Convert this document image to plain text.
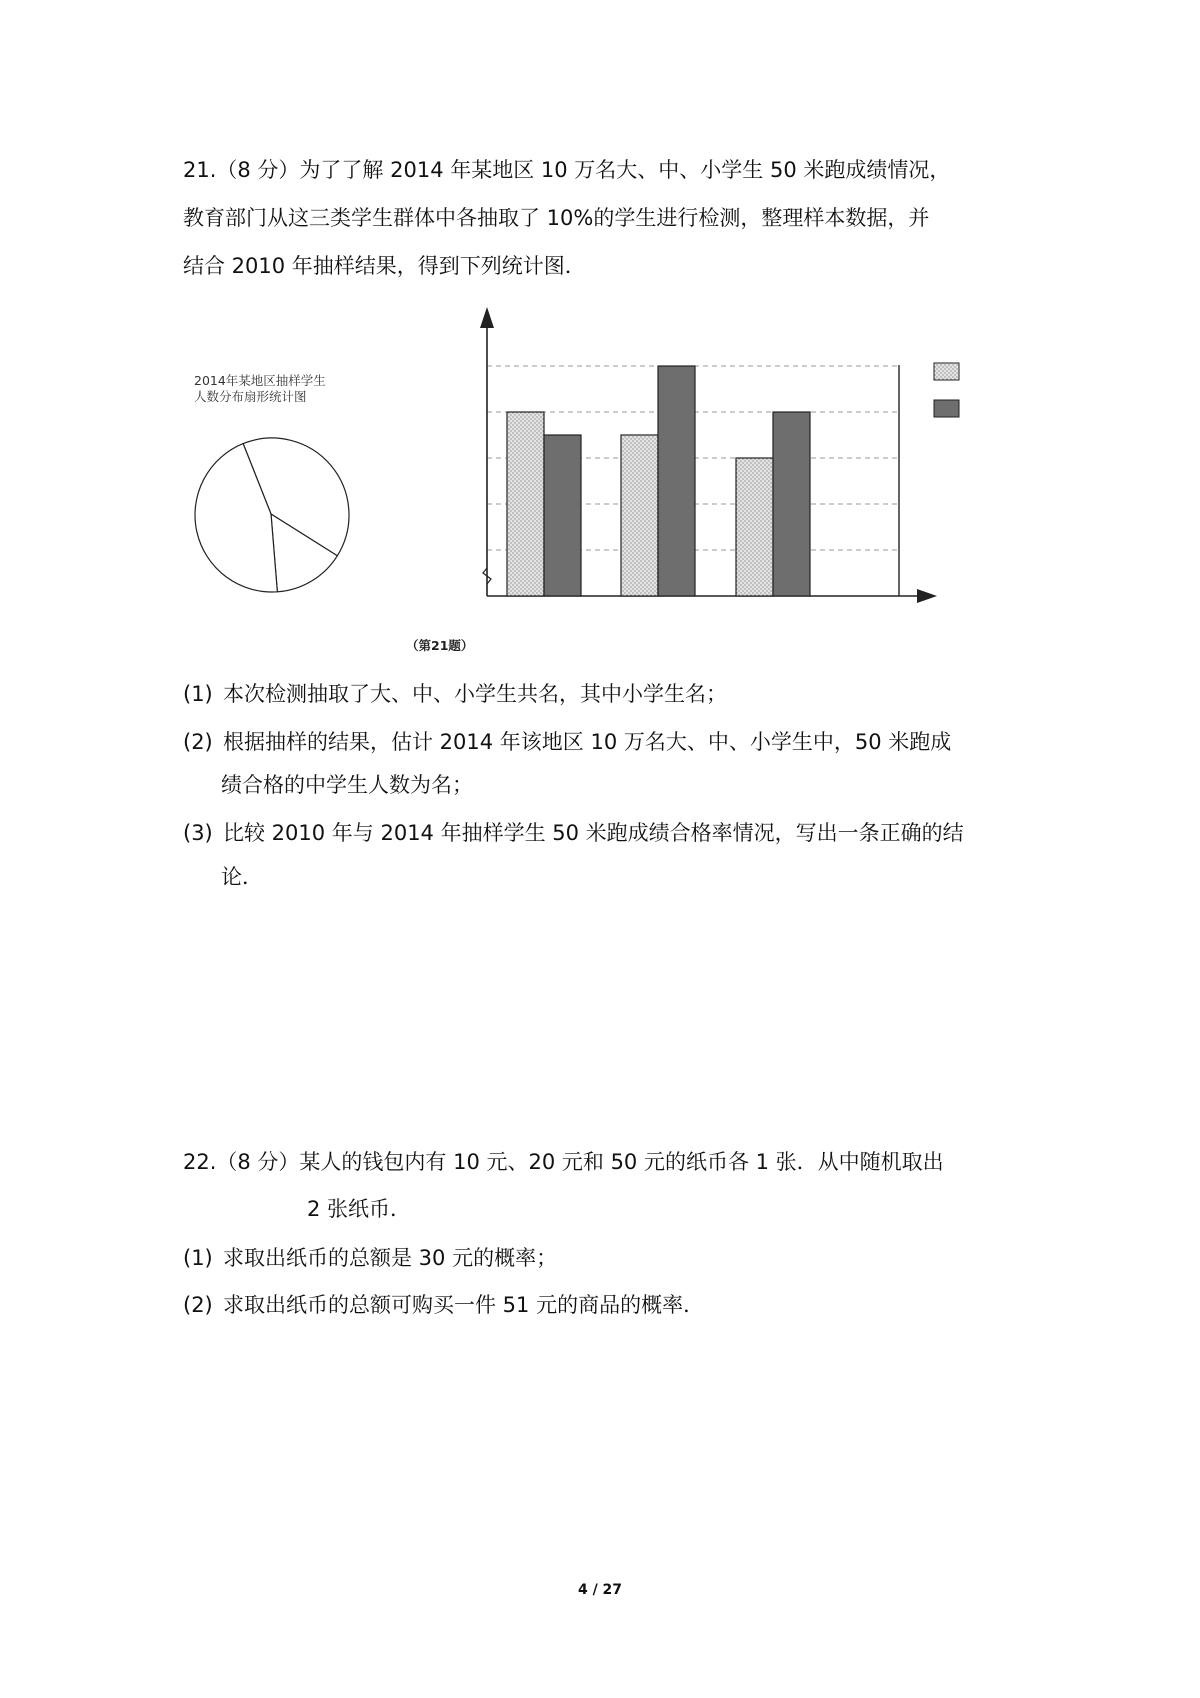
21.（8 分）为了了解 2014 年某地区 10 万名大、中、小学生 50 米跑成绩情况，
教育部门从这三类学生群体中各抽取了 10%的学生进行检测，整理样本数据，并
结合 2010 年抽样结果，得到下列统计图．
2014年某地区抽样学生
人数分布扇形统计图
（第21题）
(1) 本次检测抽取了大、中、小学生共名，其中小学生名；
(2) 根据抽样的结果，估计 2014 年该地区 10 万名大、中、小学生中，50 米跑成
绩合格的中学生人数为名；
(3) 比较 2010 年与 2014 年抽样学生 50 米跑成绩合格率情况，写出一条正确的结
论．
22.（8 分）某人的钱包内有 10 元、20 元和 50 元的纸币各 1 张．从中随机取出
2 张纸币．
(1) 求取出纸币的总额是 30 元的概率；
(2) 求取出纸币的总额可购买一件 51 元的商品的概率．
4 / 27
